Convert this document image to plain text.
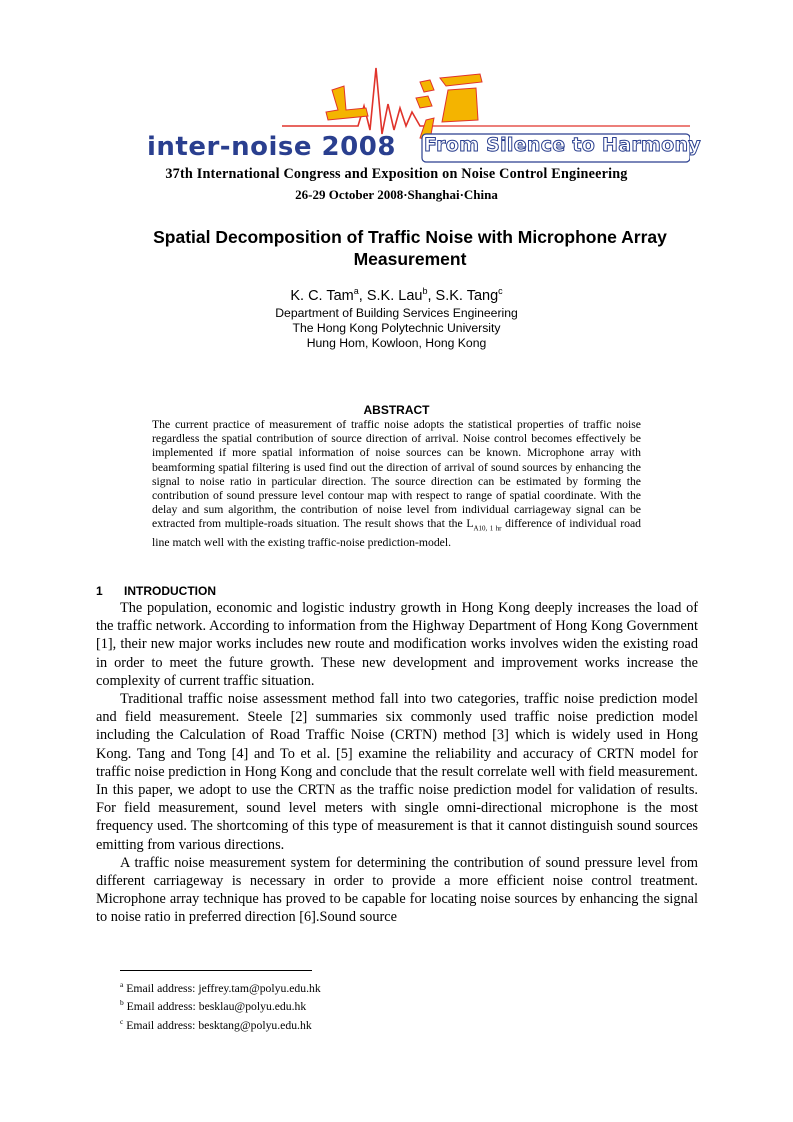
inter-noise 2008 From Silence to Harmony
37th International Congress and Exposition on Noise Control Engineering
26-29 October 2008·Shanghai·China
Spatial Decomposition of Traffic Noise with Microphone Array Measurement
K. C. Tam$^a$, S.K. Lau$^b$, S.K. Tang$^c$
Department of Building Services Engineering
The Hong Kong Polytechnic University
Hung Hom, Kowloon, Hong Kong
ABSTRACT
The current practice of measurement of traffic noise adopts the statistical properties of traffic noise regardless the spatial contribution of source direction of arrival. Noise control becomes effectively be implemented if more spatial information of noise sources can be known. Microphone array with beamforming spatial filtering is used find out the direction of arrival of sound sources by enhancing the signal to noise ratio in particular direction. The source direction can be estimated by forming the contribution of sound pressure level contour map with respect to range of spatial coordinate. With the delay and sum algorithm, the contribution of noise level from individual carriageway signal can be extracted from multiple-roads situation. The result shows that the $L_{A10, 1 hr}$ difference of individual road line match well with the existing traffic-noise prediction-model.
1 INTRODUCTION

The population, economic and logistic industry growth in Hong Kong deeply increases the load of the traffic network. According to information from the Highway Department of Hong Kong Government [1], their new major works includes new route and modification works involves widen the existing road in order to meet the future growth. These new development and improvement works increase the complexity of current traffic situation.

Traditional traffic noise assessment method fall into two categories, traffic noise prediction model and field measurement. Steele [2] summaries six commonly used traffic noise prediction model including the Calculation of Road Traffic Noise (CRTN) method [3] which is widely used in Hong Kong. Tang and Tong [4] and To et al. [5] examine the reliability and accuracy of CRTN model for traffic noise prediction in Hong Kong and conclude that the result correlate well with field measurement. In this paper, we adopt to use the CRTN as the traffic noise prediction model for validation of results. For field measurement, sound level meters with single omni-directional microphone is the most frequency used. The shortcoming of this type of measurement is that it cannot distinguish sound sources emitting from various directions.

A traffic noise measurement system for determining the contribution of sound pressure level from different carriageway is necessary in order to provide a more efficient noise control treatment. Microphone array technique has proved to be capable for locating noise sources by enhancing the signal to noise ratio in preferred direction [6].Sound source

$^a$ Email address: jeffrey.tam@polyu.edu.hk
$^b$ Email address: besklau@polyu.edu.hk
$^c$ Email address: besktang@polyu.edu.hk
